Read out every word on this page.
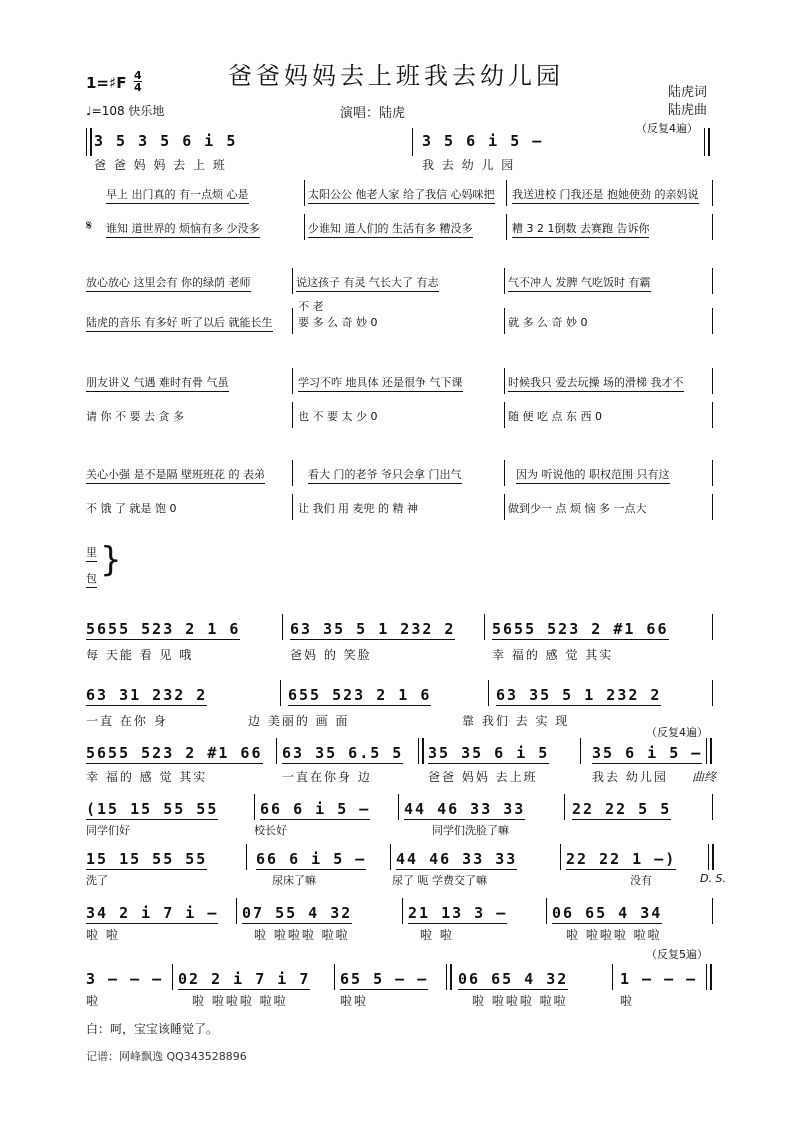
爸爸妈妈去上班我去幼儿园
1=♯F $\frac{4}{4}$
♩=108 快乐地	演唱：陆虎
陆虎词
陆虎曲
（反复4遍）
3 5 3 5 6 i 5	3 5 6 i 5 –
爸 爸 妈 妈 去 上 班	我 去 幼 儿 园
早上 出门真的 有一点烦 心是	太阳公公 他老人家 给了我信 心妈咪把 我送进校 门我还是 抱她使劲 的亲妈说
𝄋 谁知 道世界的 烦恼有多 少没多	少谁知 道人们的 生活有多 糟没多	糟 3 2 1倒数 去赛跑 告诉你
放心放心 这里会有 你的绿荫 老师	说这孩子 有灵 气长大了 有志	气不冲人 发脾 气吃饭时 有霸
不 老
陆虎的音乐 有多好 听了以后 就能长生 要 多 么 奇 妙 0	就 多 么 奇 妙 0
朋友讲义 气遇 难时有骨 气虽	学习不咋 地具体 还是很争 气下课	时候我只 爱去玩操 场的滑梯 我才不
请 你 不 要 去 贪 多	也 不 要 太 少 0	随 便 吃 点 东 西 0
关心小强 是不是隔 壁班班花 的 表弟	看大 门的老爷 爷只会拿 门出气	因为 听说他的 职权范围 只有这
不 饿 了 就是 饱 0	让 我们 用 麦兜 的 精 神	做到少一 点 烦 恼 多 一点大
里
包 }
5655 523 2 1 6	63 35 5 1 232 2 5655 523 2 #1 66
每 天能 看 见 哦	爸妈 的 笑脸	幸 福的 感 觉 其实
63 31 232 2	655 523 2 1 6	63 35 5 1 232 2
一直 在你 身	边 美丽的 画 面	靠 我们 去 实 现
（反复4遍）
5655 523 2 #1 66 63 35 6.5 5 35 35 6 i 5	35 6 i 5 –
幸 福的 感 觉 其实	一直在你身 边	爸爸 妈妈 去上班	我去 幼儿园 曲终
(15 15 55 55	66 6 i 5 – 44 46 33 33	22 22 5 5
同学们好	校长好	同学们洗脸了嘛
15 15 55 55	66 6 i 5 – 44 46 33 33	22 22 1 –)
洗了	尿床了嘛	尿了 呃 学费交了嘛	没有	D. S.
34 2 i 7 i – 07 55 4 32	21 13 3 –	06 65 4 34
啦 啦	啦 啦啦啦 啦啦	啦 啦	啦 啦啦啦 啦啦
（反复5遍）
3 – – – 02 2 i 7 i 7 65 5 – – 06 65 4 32	1 – – –
啦	啦 啦啦啦 啦啦	啦啦	啦 啦啦啦 啦啦	啦
白：呵，宝宝该睡觉了。
记谱：网峰飘逸 QQ343528896
